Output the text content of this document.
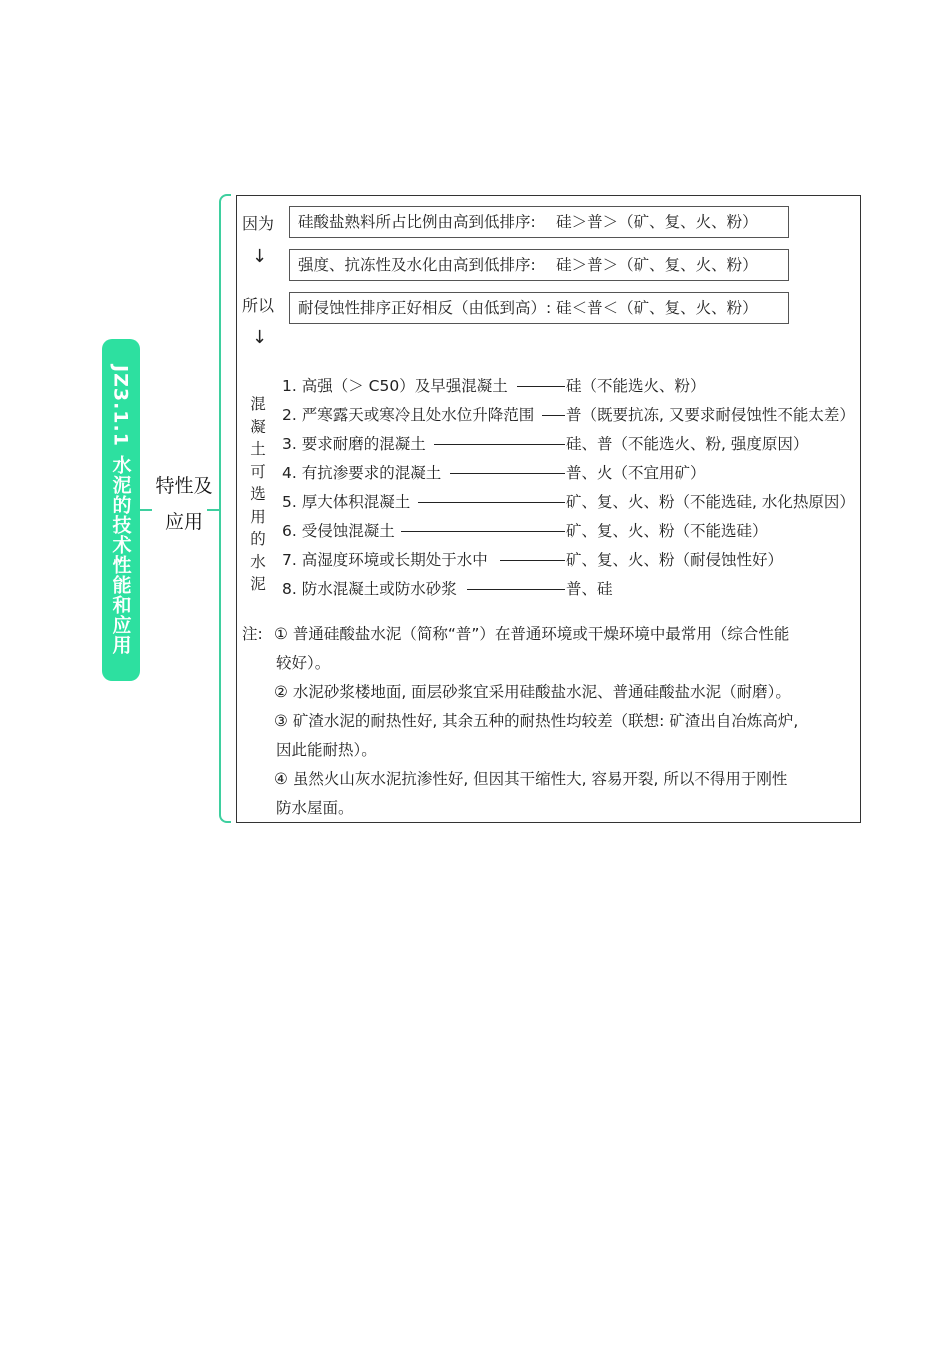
JZ3.1.1 水泥的技术性能和应用 特性及
应用
因为	硅酸盐熟料所占比例由高到低排序:　 硅＞普＞（矿、复、火、粉）
↓	强度、抗冻性及水化由高到低排序:　 硅＞普＞（矿、复、火、粉）
所以	耐侵蚀性排序正好相反（由低到高）: 硅＜普＜（矿、复、火、粉）
↓
混
凝
土
可
选
用
的
水
泥
1. 高强（＞ C50）及早强混凝土	硅（不能选火、粉）
2. 严寒露天或寒冷且处水位升降范围 普（既要抗冻, 又要求耐侵蚀性不能太差）
3. 要求耐磨的混凝土	硅、普（不能选火、粉, 强度原因）
4. 有抗渗要求的混凝土	普、火（不宜用矿）
5. 厚大体积混凝土	矿、复、火、粉（不能选硅, 水化热原因）
6. 受侵蚀混凝土	矿、复、火、粉（不能选硅）
7. 高湿度环境或长期处于水中	矿、复、火、粉（耐侵蚀性好）
8. 防水混凝土或防水砂浆	普、硅
注: ① 普通硅酸盐水泥（简称“普”）在普通环境或干燥环境中最常用（综合性能
较好）。
② 水泥砂浆楼地面, 面层砂浆宜采用硅酸盐水泥、普通硅酸盐水泥（耐磨）。
③ 矿渣水泥的耐热性好, 其余五种的耐热性均较差（联想: 矿渣出自冶炼高炉,
因此能耐热）。
④ 虽然火山灰水泥抗渗性好, 但因其干缩性大, 容易开裂, 所以不得用于刚性
防水屋面。
